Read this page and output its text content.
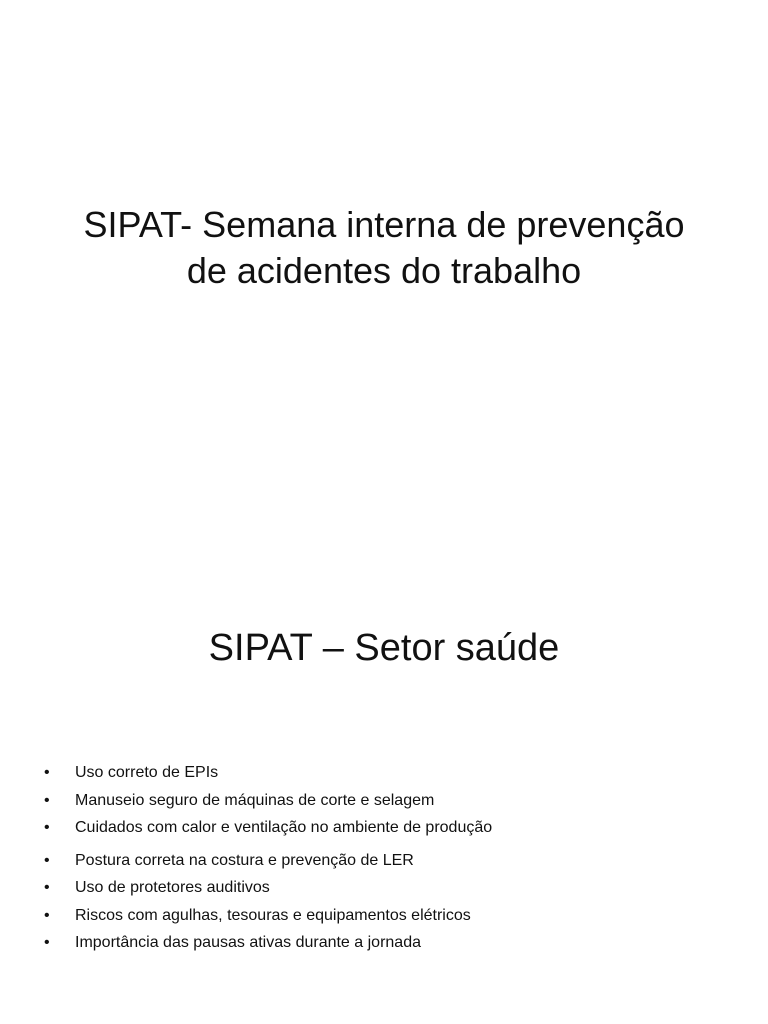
SIPAT- Semana interna de prevenção
de acidentes do trabalho
SIPAT – Setor saúde
•	Uso correto de EPIs
•	Manuseio seguro de máquinas de corte e selagem
•	Cuidados com calor e ventilação no ambiente de produção
•	Postura correta na costura e prevenção de LER
•	Uso de protetores auditivos
•	Riscos com agulhas, tesouras e equipamentos elétricos
•	Importância das pausas ativas durante a jornada
